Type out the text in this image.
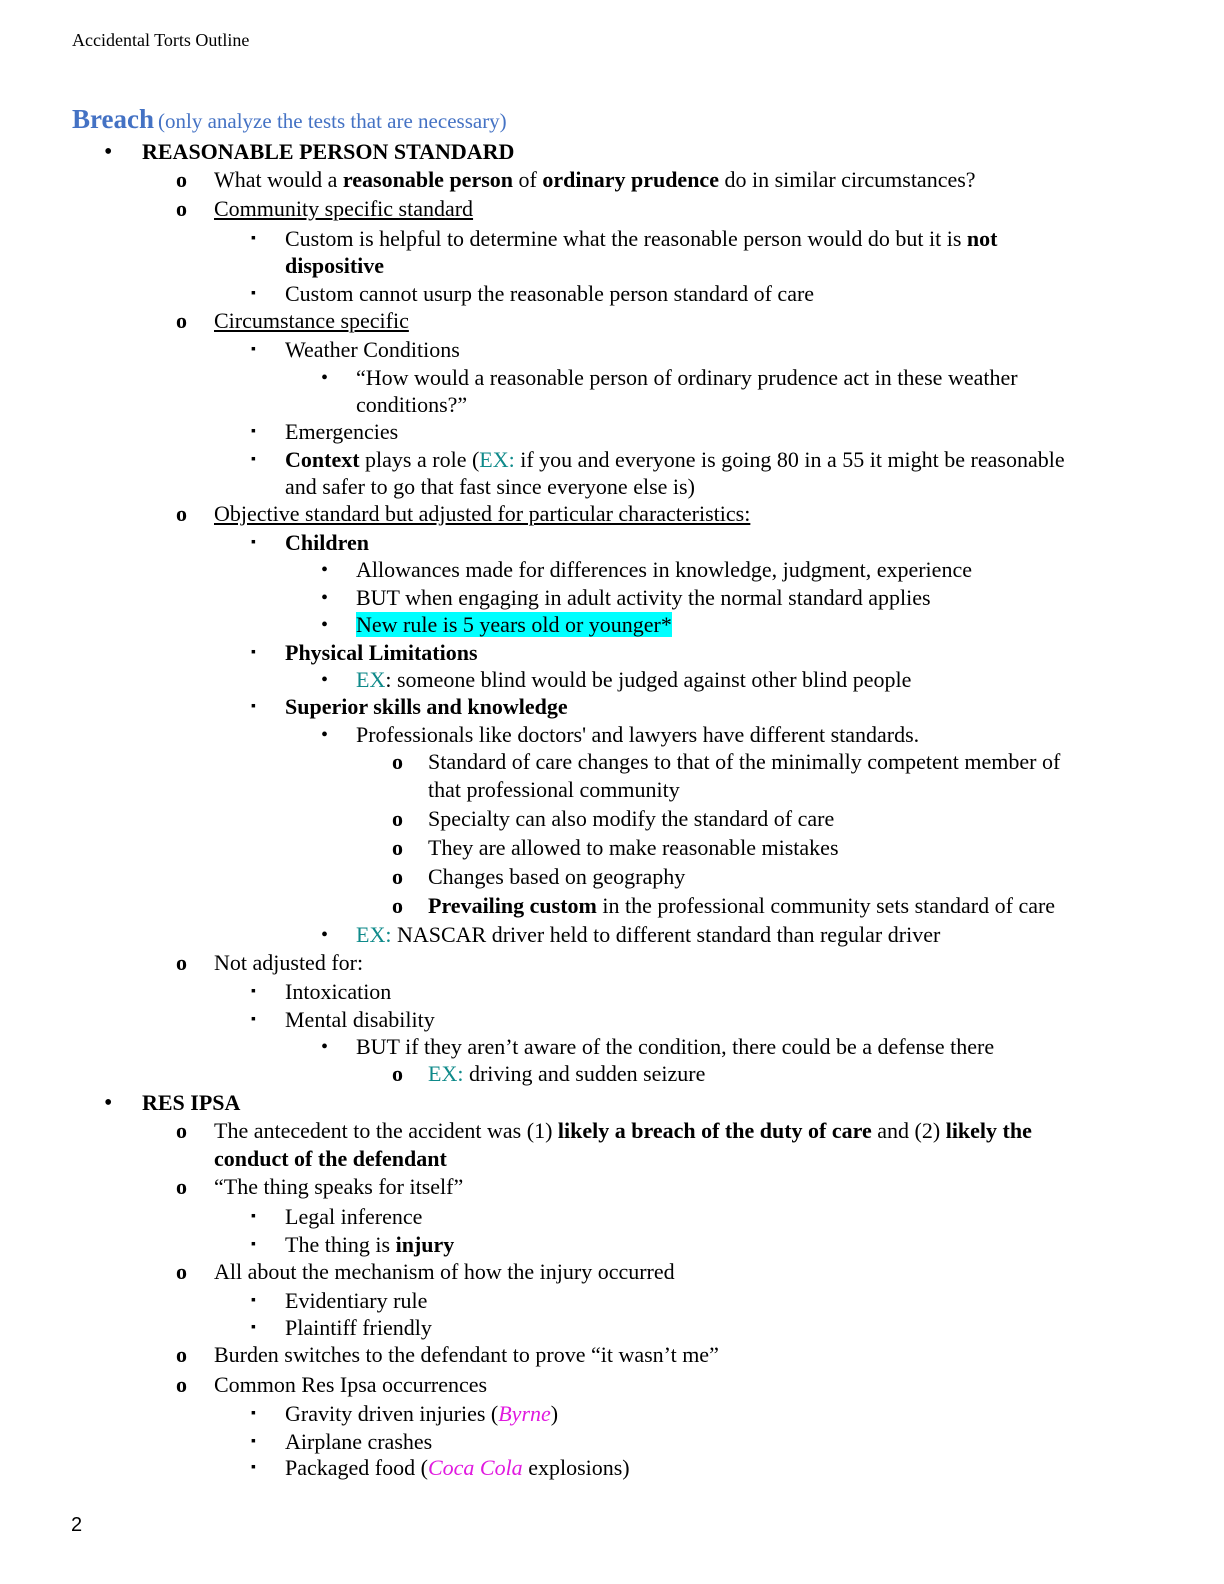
Accidental Torts Outline
Breach (only analyze the tests that are necessary)
• REASONABLE PERSON STANDARD
o What would a reasonable person of ordinary prudence do in similar circumstances?
o Community specific standard
▪ Custom is helpful to determine what the reasonable person would do but it is not
dispositive
▪ Custom cannot usurp the reasonable person standard of care
o Circumstance specific
▪ Weather Conditions
• “How would a reasonable person of ordinary prudence act in these weather
conditions?”
▪ Emergencies
▪ Context plays a role (EX: if you and everyone is going 80 in a 55 it might be reasonable
and safer to go that fast since everyone else is)
o Objective standard but adjusted for particular characteristics:
▪ Children
• Allowances made for differences in knowledge, judgment, experience
• BUT when engaging in adult activity the normal standard applies
• New rule is 5 years old or younger*
▪ Physical Limitations
• EX: someone blind would be judged against other blind people
▪ Superior skills and knowledge
• Professionals like doctors' and lawyers have different standards.
o Standard of care changes to that of the minimally competent member of
that professional community
o Specialty can also modify the standard of care
o They are allowed to make reasonable mistakes
o Changes based on geography
o Prevailing custom in the professional community sets standard of care
• EX: NASCAR driver held to different standard than regular driver
o Not adjusted for:
▪ Intoxication
▪ Mental disability
• BUT if they aren’t aware of the condition, there could be a defense there
o EX: driving and sudden seizure
• RES IPSA
o The antecedent to the accident was (1) likely a breach of the duty of care and (2) likely the
conduct of the defendant
o “The thing speaks for itself”
▪ Legal inference
▪ The thing is injury
o All about the mechanism of how the injury occurred
▪ Evidentiary rule
▪ Plaintiff friendly
o Burden switches to the defendant to prove “it wasn’t me”
o Common Res Ipsa occurrences
▪ Gravity driven injuries (Byrne)
▪ Airplane crashes
▪ Packaged food (Coca Cola explosions)
2
